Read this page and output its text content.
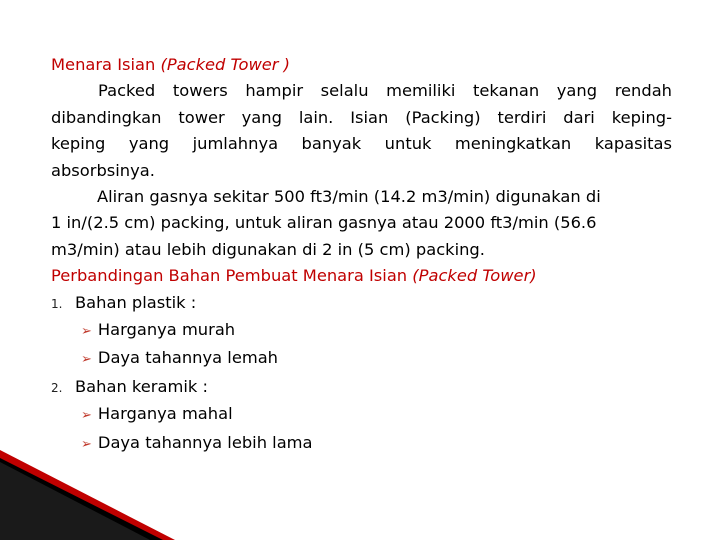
Menara Isian (Packed Tower )
Packed towers hampir selalu memiliki tekanan yang rendah
dibandingkan tower yang lain. Isian (Packing) terdiri dari keping-
keping yang jumlahnya banyak untuk meningkatkan kapasitas
absorbsinya.
Aliran gasnya sekitar 500 ft3/min (14.2 m3/min) digunakan di
1 in/(2.5 cm) packing, untuk aliran gasnya atau 2000 ft3/min (56.6
m3/min) atau lebih digunakan di 2 in (5 cm) packing.
Perbandingan Bahan Pembuat Menara Isian (Packed Tower)
1. Bahan plastik :
➢ Harganya murah
➢ Daya tahannya lemah
2. Bahan keramik :
➢ Harganya mahal
➢ Daya tahannya lebih lama
